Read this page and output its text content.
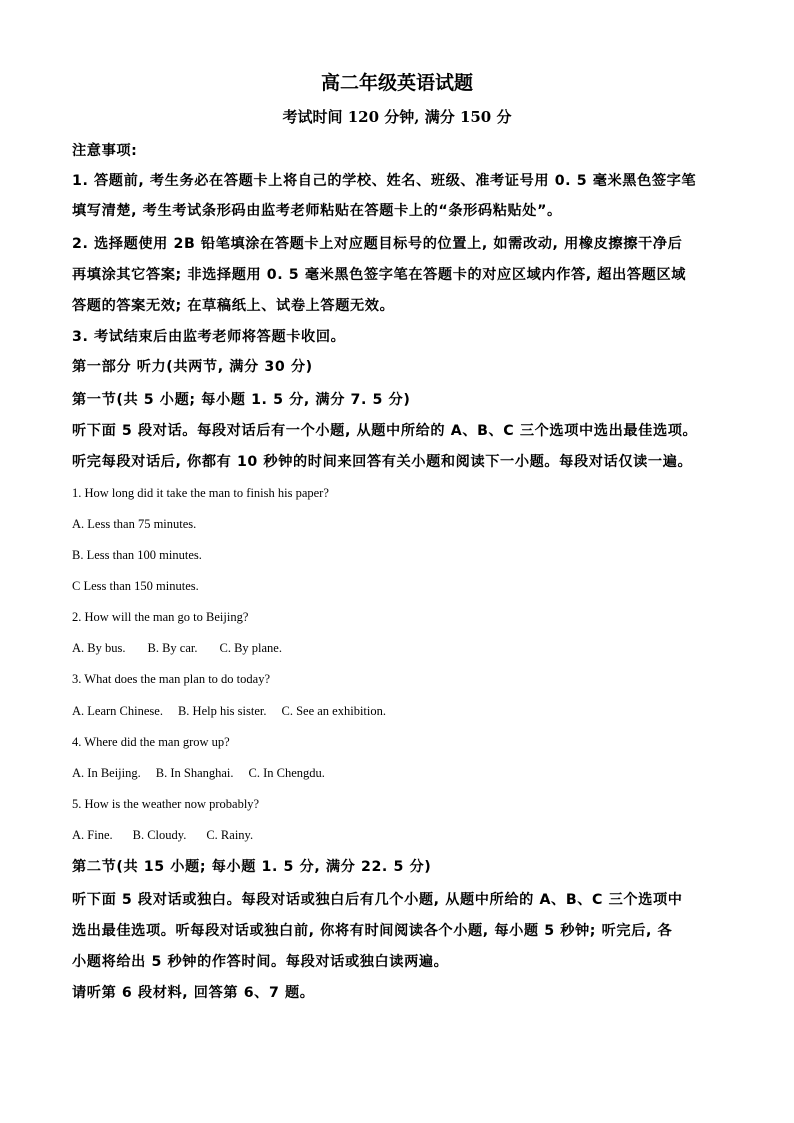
高二年级英语试题
考试时间 120 分钟, 满分 150 分
注意事项:
1. 答题前, 考生务必在答题卡上将自己的学校、姓名、班级、准考证号用 0. 5 毫米黑色签字笔
填写清楚, 考生考试条形码由监考老师粘贴在答题卡上的“条形码粘贴处”。
2. 选择题使用 2B 铅笔填涂在答题卡上对应题目标号的位置上, 如需改动, 用橡皮擦擦干净后
再填涂其它答案; 非选择题用 0. 5 毫米黑色签字笔在答题卡的对应区域内作答, 超出答题区域
答题的答案无效; 在草稿纸上、试卷上答题无效。
3. 考试结束后由监考老师将答题卡收回。
第一部分 听力(共两节, 满分 30 分)
第一节(共 5 小题; 每小题 1. 5 分, 满分 7. 5 分)
听下面 5 段对话。每段对话后有一个小题, 从题中所给的 A、B、C 三个选项中选出最佳选项。
听完每段对话后, 你都有 10 秒钟的时间来回答有关小题和阅读下一小题。每段对话仅读一遍。
1. How long did it take the man to finish his paper?
A. Less than 75 minutes.
B. Less than 100 minutes.
C Less than 150 minutes.
2. How will the man go to Beijing?
A. By bus. B. By car. C. By plane.
3. What does the man plan to do today?
A. Learn Chinese. B. Help his sister. C. See an exhibition.
4. Where did the man grow up?
A. In Beijing. B. In Shanghai. C. In Chengdu.
5. How is the weather now probably?
A. Fine. B. Cloudy. C. Rainy.
第二节(共 15 小题; 每小题 1. 5 分, 满分 22. 5 分)
听下面 5 段对话或独白。每段对话或独白后有几个小题, 从题中所给的 A、B、C 三个选项中
选出最佳选项。听每段对话或独白前, 你将有时间阅读各个小题, 每小题 5 秒钟; 听完后, 各
小题将给出 5 秒钟的作答时间。每段对话或独白读两遍。
请听第 6 段材料, 回答第 6、7 题。
